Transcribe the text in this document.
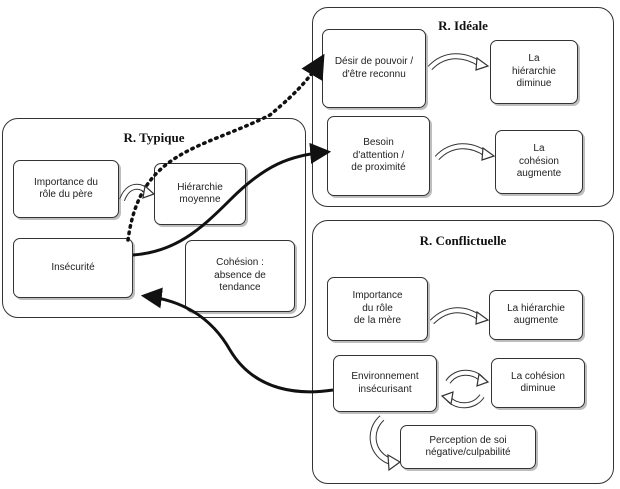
R. Typique
R. Idéale
R. Conflictuelle
Importance du
rôle du père
Hiérarchie
moyenne
Insécurité	Cohésion :
absence de
tendance
Désir de pouvoir /
d'être reconnu
La
hiérarchie
diminue
Besoin
d'attention /
de proximité
La
cohésion
augmente
Importance
du rôle
de la mère
La hiérarchie
augmente
Environnement
insécurisant
La cohésion
diminue
Perception de soi
négative/culpabilité
